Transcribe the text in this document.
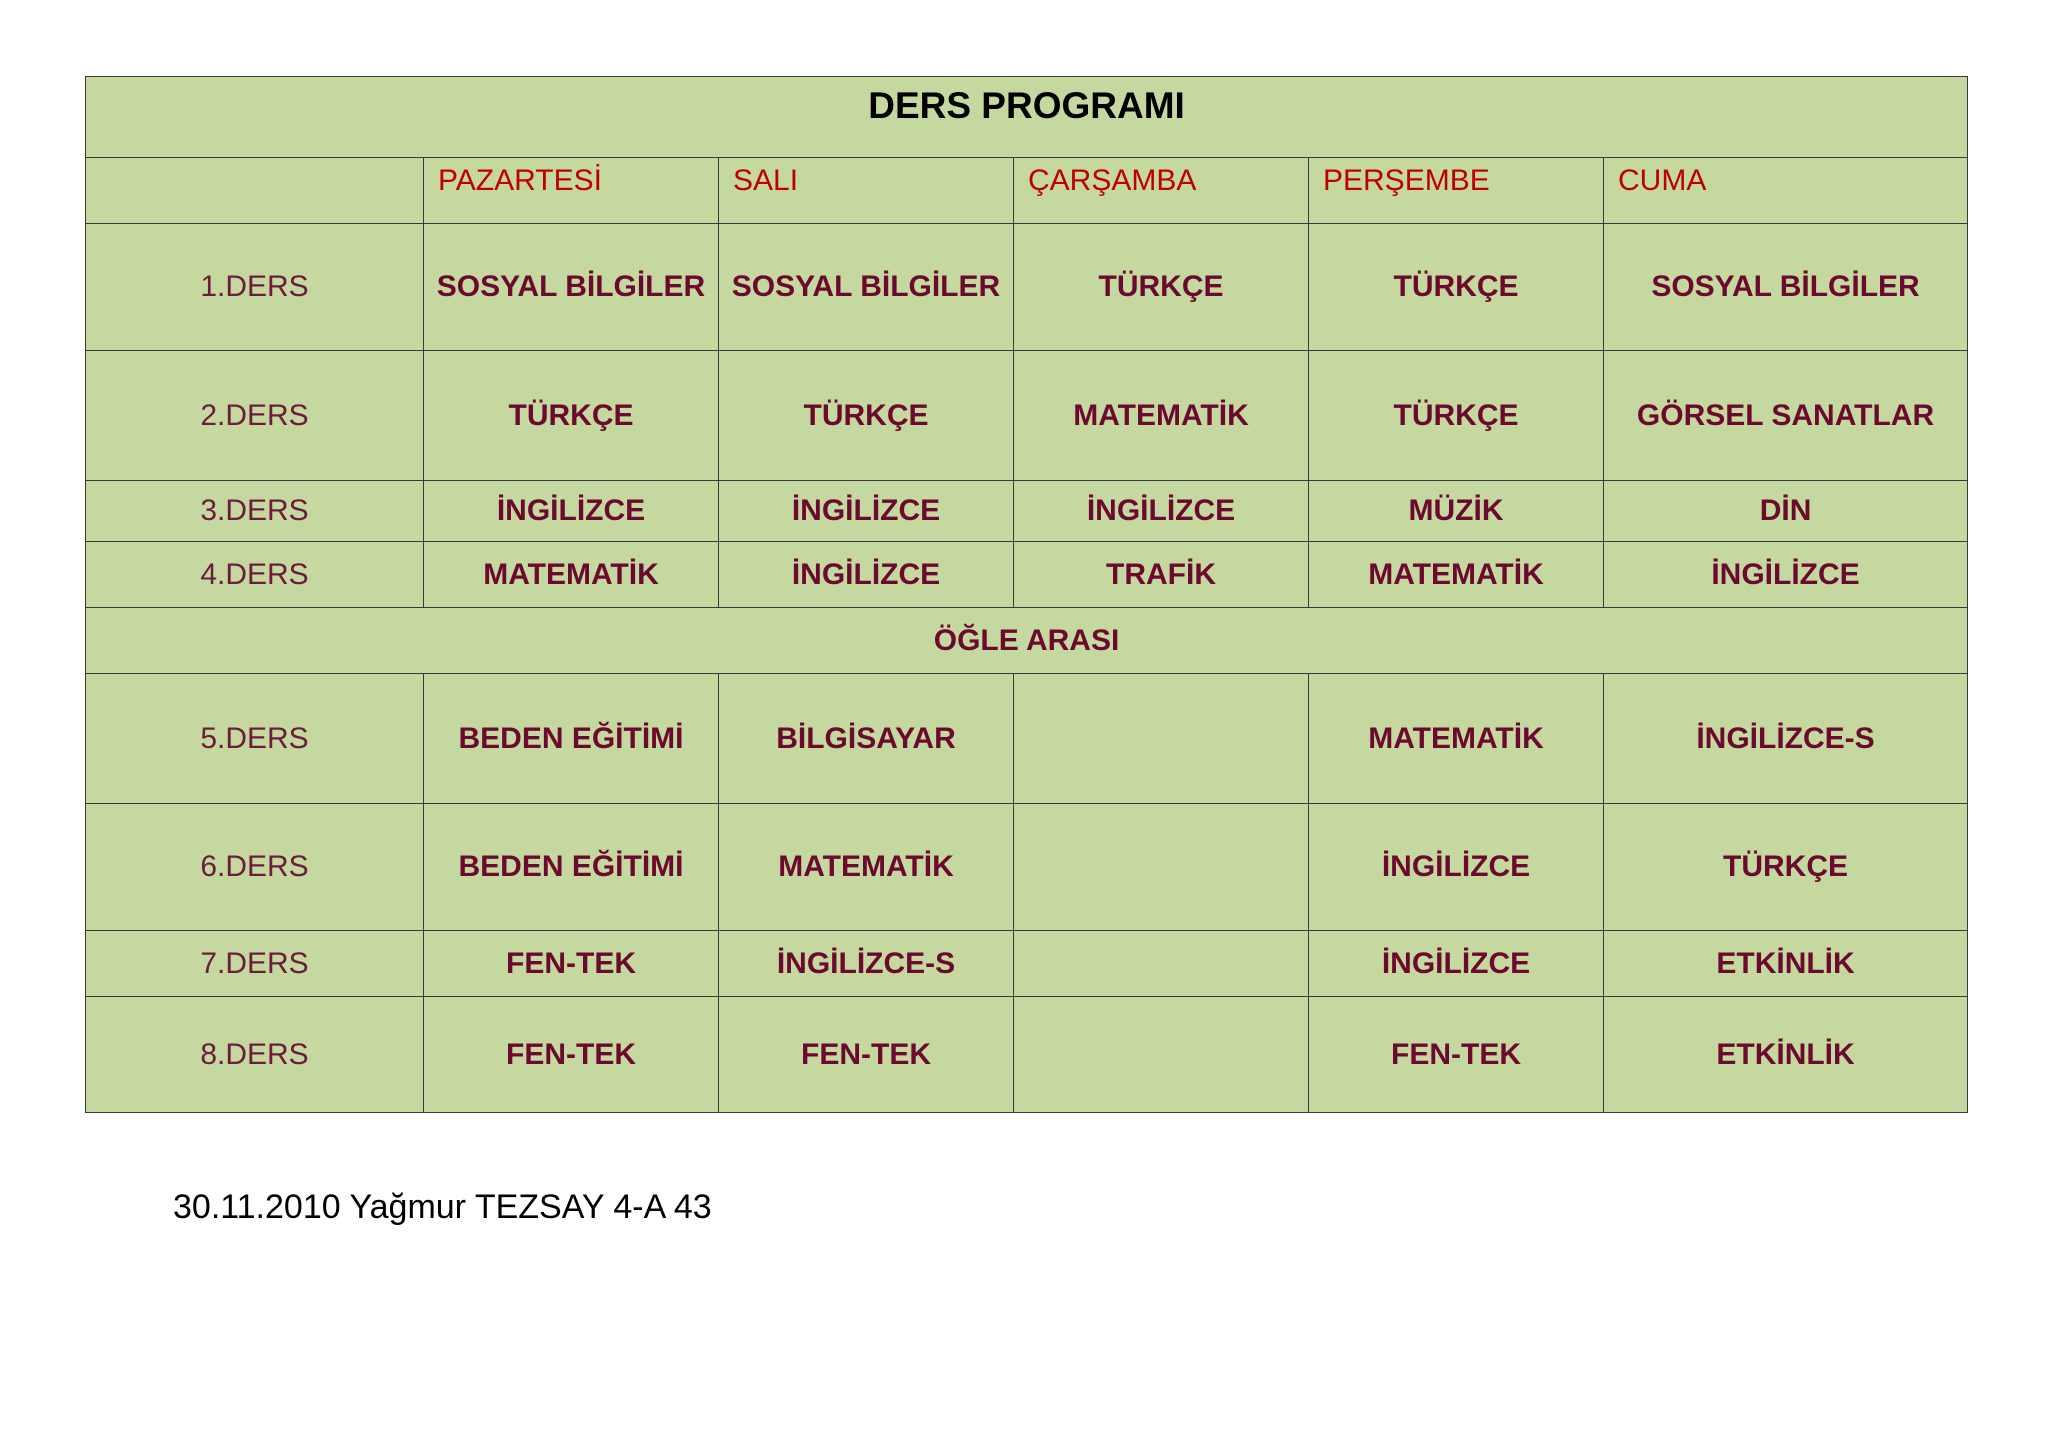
DERS PROGRAMI					
	PAZARTESİ	SALI	ÇARŞAMBA	PERŞEMBE	CUMA
1.DERS	SOSYAL BİLGİLER	SOSYAL BİLGİLER	TÜRKÇE	TÜRKÇE	SOSYAL BİLGİLER
2.DERS	TÜRKÇE	TÜRKÇE	MATEMATİK	TÜRKÇE	GÖRSEL SANATLAR
3.DERS	İNGİLİZCE	İNGİLİZCE	İNGİLİZCE	MÜZİK	DİN
4.DERS	MATEMATİK	İNGİLİZCE	TRAFİK	MATEMATİK	İNGİLİZCE
ÖĞLE ARASI					
5.DERS	BEDEN EĞİTİMİ	BİLGİSAYAR		MATEMATİK	İNGİLİZCE-S
6.DERS	BEDEN EĞİTİMİ	MATEMATİK		İNGİLİZCE	TÜRKÇE
7.DERS	FEN-TEK	İNGİLİZCE-S		İNGİLİZCE	ETKİNLİK
8.DERS	FEN-TEK	FEN-TEK		FEN-TEK	ETKİNLİK
30.11.2010 Yağmur TEZSAY 4-A 43
